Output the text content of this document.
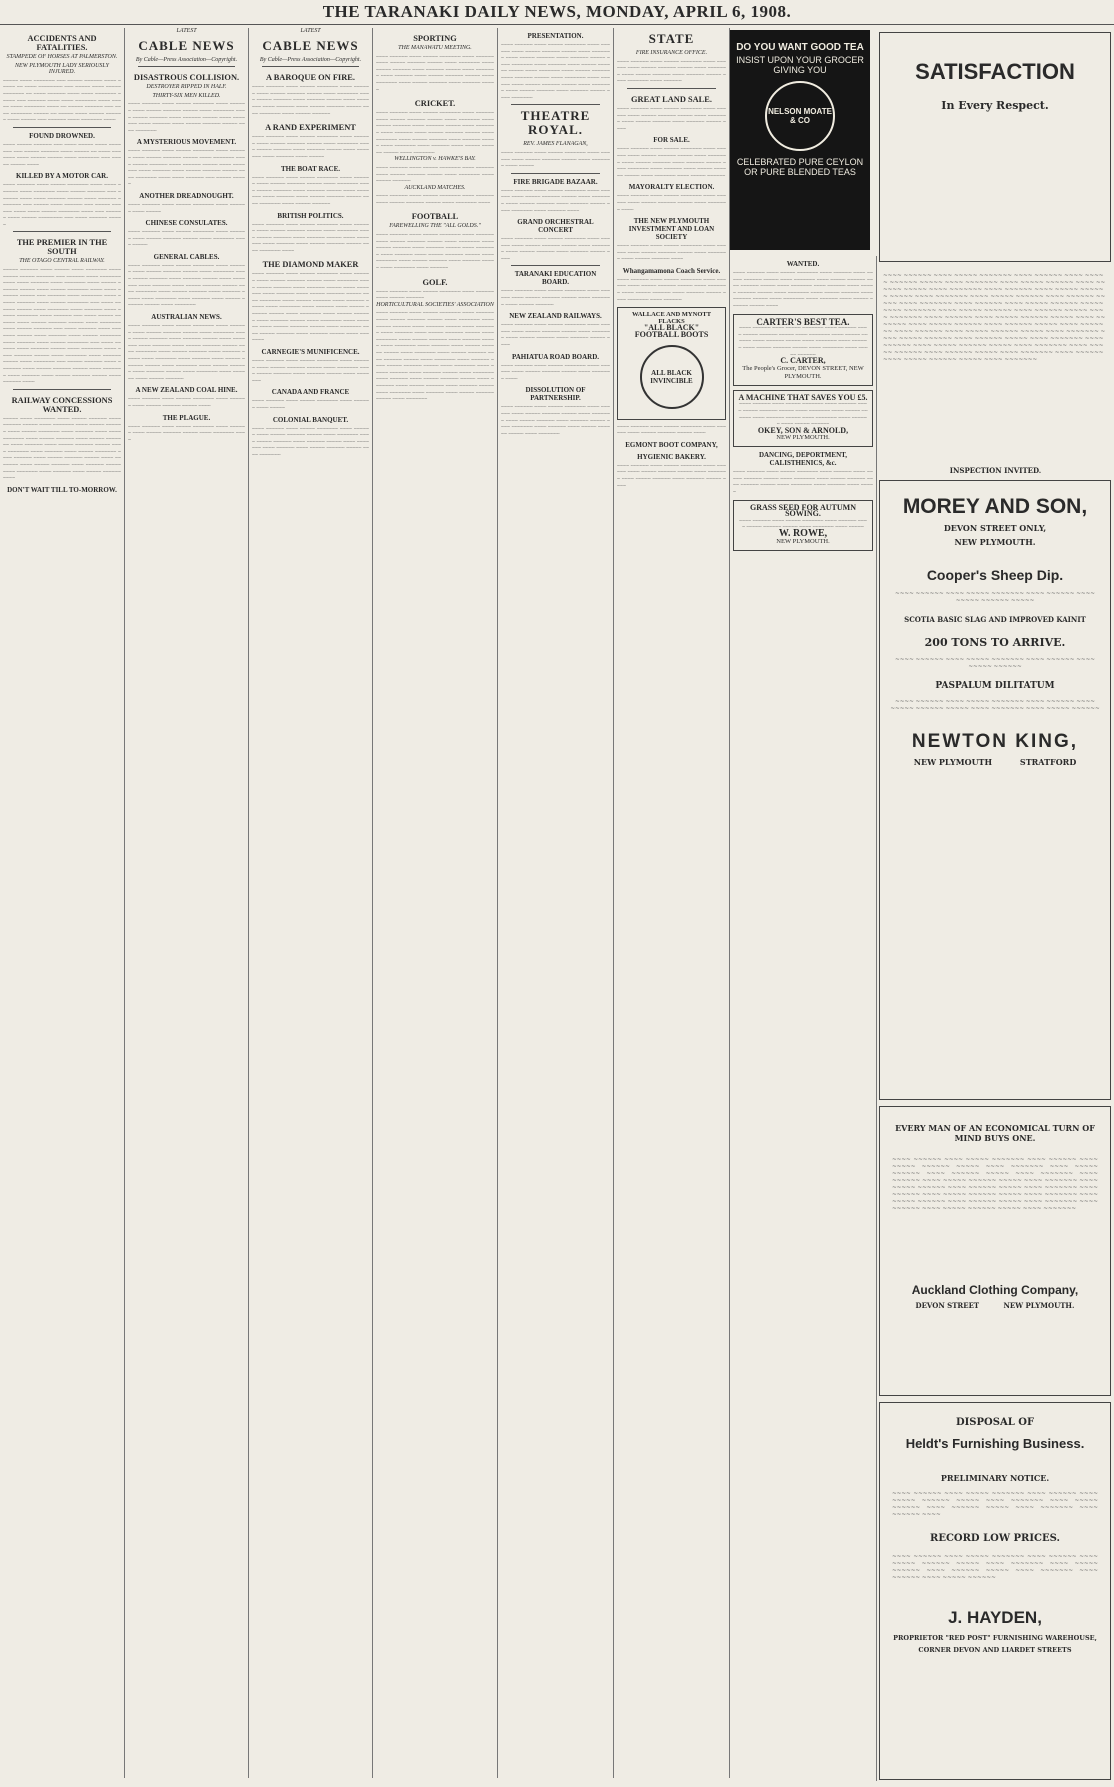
THE TARANAKI DAILY NEWS, MONDAY, APRIL 6, 1908.
ACCIDENTS AND FATALITIES.
STAMPEDE OF HORSES AT PALMERSTON.
NEW PLYMOUTH LADY SERIOUSLY INJURED.
~~~~~ ~~~~ ~~~~~~~ ~~~ ~~~~~ ~~~~~~ ~~~~ ~~~~~ ~~ ~~~~ ~~~~~~~~ ~~~ ~~~~~ ~~~~ ~~~~~ ~~~~~~~ ~~ ~~~~ ~~~~~~ ~~~~ ~~~~ ~~~~~~~ ~~~~~ ~~~ ~~~~~~ ~~~~ ~~~~ ~~~~~~~ ~~~~ ~~~~~ ~~~~ ~~~~~~~ ~~~~ ~~ ~~~~~ ~~~~~~ ~~~ ~~~~ ~~~~~~~ ~~~~~ ~~ ~~~~~ ~~~~ ~~~~~ ~~~~~~ ~~~~ ~~~~~ ~~~ ~~~~~~ ~~~~ ~~~~~~~ ~~~~
FOUND DROWNED.
~~~~ ~~~~~ ~~~~~~ ~~~ ~~~~ ~~~~~ ~~~~ ~~~~~~~ ~~~ ~~~~~ ~~~~~~ ~~~~ ~~~~~ ~~ ~~~~ ~~~~~~~ ~~~~ ~~~~~ ~~~~~ ~~~~ ~~~~~~~ ~~~ ~~~~~ ~~~~~ ~~~~
KILLED BY A MOTOR CAR.
~~~~ ~~~~~~ ~~~~ ~~~~~ ~~~~~~~ ~~~~ ~~~~ ~~~~~~ ~~~~ ~~~~~~~ ~~~~ ~~~~~ ~~~~~~ ~~~ ~~~~~~ ~~~~ ~~~~ ~~~~~~ ~~~~~ ~~~~ ~~~~~~ ~~~~~~~ ~~~ ~~~~~ ~~~~ ~~~~~~ ~~~ ~~~~~ ~~~~~~ ~~~~ ~~~~ ~~~~~ ~~~~~~~ ~~~~ ~~~ ~~~~~~ ~~~~ ~~~~~ ~~~~~~~~ ~~~ ~~~~ ~~~~~~ ~~~~~
THE PREMIER IN THE SOUTH
THE OTAGO CENTRAL RAILWAY.
~~~~~ ~~~~~~ ~~~~ ~~~~~ ~~~~ ~~~~~~~ ~~~~ ~~~~~ ~~~~~ ~~~~~~ ~~~ ~~~~~~ ~~~~ ~~~~~~~ ~~~~ ~~~~ ~~~~~~ ~~~~ ~~~~~~~ ~~~~ ~~~~~ ~~~~~~ ~~~~~ ~~~~ ~~~~~ ~~~~~~~ ~~~~ ~~~~ ~~~~~~ ~~~~~ ~~~ ~~~~~~ ~~~~ ~~~~~~~ ~~~~ ~~~~~ ~~~~~~ ~~~~ ~~~~~ ~~~~~~~ ~~~ ~~~~ ~~~~~~ ~~~~~ ~~~~ ~~~~~~~ ~~~~ ~~~~~~ ~~~~ ~~~~~ ~~~~~~~ ~~~~ ~~~~~~ ~~~ ~~~~ ~~~~~ ~~~~~~ ~~~~ ~~~~~ ~~~~~~ ~~~~~ ~~~~ ~~~~~~~ ~~~~ ~~~~~ ~~~~~~ ~~~ ~~~~ ~~~~~~ ~~~~ ~~~~~~~ ~~~~~ ~~~~ ~~~~~~ ~~~~ ~~~~~ ~~~~~~~ ~~~~ ~~~~~~ ~~~~ ~~~~~ ~~~~~~~ ~~~ ~~~~ ~~~~~~ ~~~~ ~~~~~~ ~~~~~ ~~~~ ~~~~~~~ ~~~~ ~~~~ ~~~~~~ ~~~~~ ~~~~ ~~~~~~~ ~~~~ ~~~~~~ ~~~~~ ~~~~ ~~~~~~~ ~~~ ~~~~~ ~~~~~~ ~~~~ ~~~~~~~ ~~~~ ~~~~~ ~~~~~~ ~~~~~ ~~~~ ~~~~~~~ ~~~~ ~~~~~~ ~~~~ ~~~~~ ~~~~~~ ~~~~~ ~~~~ ~~~~~~ ~~~~
RAILWAY CONCESSIONS WANTED.
~~~~~ ~~~~ ~~~~~~~ ~~~~ ~~~~~ ~~~~~~ ~~~~ ~~~~~~ ~~~~~ ~~~~ ~~~~~~~ ~~~~ ~~~~~ ~~~~~~ ~~~~ ~~~~~ ~~~~~~~ ~~~~ ~~~~~~ ~~~~ ~~~~ ~~~~~~~ ~~~~ ~~~~~ ~~~~~~ ~~~~ ~~~~~ ~~~~~~~ ~~~~ ~~~~~~ ~~~~ ~~~~~ ~~~~~~ ~~~~~ ~~~~ ~~~~~~~ ~~~~ ~~~~~~ ~~~~ ~~~~~ ~~~~~~~ ~~~~ ~~~~~~ ~~~~ ~~~~~ ~~~~~~ ~~~~~ ~~~~ ~~~~~~~ ~~~~ ~~~~~ ~~~~~~ ~~~~ ~~~~~~ ~~~~~ ~~~~ ~~~~~~~ ~~~~ ~~~~~~ ~~~~ ~~~~~ ~~~~~~ ~~~~
DON'T WAIT TILL TO-MORROW.
LATEST
CABLE NEWS
By Cable—Press Association—Copyright.
DISASTROUS COLLISION.
DESTROYER RIPPED IN HALF.
THIRTY-SIX MEN KILLED.
~~~~ ~~~~~~ ~~~~ ~~~~~ ~~~~~~~ ~~~~ ~~~~~~ ~~~~ ~~~~~ ~~~~~~ ~~~~~ ~~~~ ~~~~~~~ ~~~~ ~~~~~ ~~~~~~ ~~~~ ~~~~~~ ~~~~~ ~~~~ ~~~~~~~ ~~~~ ~~~~~~ ~~~~ ~~~~~ ~~~~~~ ~~~~~ ~~~~ ~~~~~~~
A MYSTERIOUS MOVEMENT.
~~~~ ~~~~~~ ~~~~ ~~~~~ ~~~~~~~ ~~~~ ~~~~~~ ~~~~ ~~~~~ ~~~~~~ ~~~~~ ~~~~ ~~~~~~~ ~~~~ ~~~~~ ~~~~~~ ~~~~ ~~~~~~ ~~~~~ ~~~~ ~~~~~~~ ~~~~ ~~~~~~ ~~~~ ~~~~~ ~~~~~~ ~~~~~ ~~~~ ~~~~~~~ ~~~~ ~~~~ ~~~~~~ ~~~ ~~~~~ ~~~~~
ANOTHER DREADNOUGHT.
~~~~ ~~~~~~ ~~~~ ~~~~~ ~~~~~~~ ~~~~ ~~~~~~ ~~~~ ~~~~~
CHINESE CONSULATES.
~~~~ ~~~~~~ ~~~~ ~~~~~ ~~~~~~~ ~~~~ ~~~~~~ ~~~~ ~~~~~ ~~~~~~ ~~~~~ ~~~~ ~~~~~~~ ~~~~ ~~~~~
GENERAL CABLES.
~~~~ ~~~~~~ ~~~~ ~~~~~ ~~~~~~~ ~~~~ ~~~~~~ ~~~~ ~~~~~ ~~~~~~ ~~~~~ ~~~~ ~~~~~~~ ~~~~ ~~~~~ ~~~~~~ ~~~~ ~~~~~~ ~~~~~ ~~~~ ~~~~~~~ ~~~~ ~~~~~~ ~~~~ ~~~~~ ~~~~~~ ~~~~~ ~~~~ ~~~~~~~ ~~~~ ~~~~~ ~~~~~~ ~~~~ ~~~~~~ ~~~~~ ~~~~ ~~~~~~~ ~~~~ ~~~~~~ ~~~~ ~~~~~ ~~~~~~ ~~~~~ ~~~~ ~~~~~~~
AUSTRALIAN NEWS.
~~~~ ~~~~~~ ~~~~ ~~~~~ ~~~~~~~ ~~~~ ~~~~~~ ~~~~ ~~~~~ ~~~~~~ ~~~~~ ~~~~ ~~~~~~~ ~~~~ ~~~~~ ~~~~~~ ~~~~ ~~~~~~ ~~~~~ ~~~~ ~~~~~~~ ~~~~ ~~~~~~ ~~~~ ~~~~~ ~~~~~~ ~~~~~ ~~~~ ~~~~~~~ ~~~~ ~~~~~ ~~~~~~ ~~~~ ~~~~~~ ~~~~~ ~~~~ ~~~~~~~ ~~~~ ~~~~~~ ~~~~ ~~~~~ ~~~~~~ ~~~~~ ~~~~ ~~~~~~~ ~~~~ ~~~~~ ~~~~~~ ~~~~ ~~~~~~ ~~~~~ ~~~~ ~~~~~~~ ~~~~ ~~~~~~ ~~~~ ~~~~~ ~~~~~~
A NEW ZEALAND COAL HINE.
~~~~ ~~~~~~ ~~~~ ~~~~~ ~~~~~~~ ~~~~ ~~~~~~ ~~~~ ~~~~~ ~~~~~~ ~~~~~ ~~~~
THE PLAGUE.
~~~~ ~~~~~~ ~~~~ ~~~~~ ~~~~~~~ ~~~~ ~~~~~~ ~~~~ ~~~~~ ~~~~~~ ~~~~~ ~~~~ ~~~~~~~ ~~~~
LATEST
CABLE NEWS
By Cable—Press Association—Copyright.
A BAROQUE ON FIRE.
~~~~ ~~~~~~ ~~~~ ~~~~~ ~~~~~~~ ~~~~ ~~~~~~ ~~~~ ~~~~~ ~~~~~~ ~~~~~ ~~~~ ~~~~~~~ ~~~~ ~~~~~ ~~~~~~ ~~~~ ~~~~~~ ~~~~~ ~~~~ ~~~~~~~ ~~~~ ~~~~~~ ~~~~ ~~~~~ ~~~~~~ ~~~~~ ~~~~ ~~~~~~~ ~~~~ ~~~~~ ~~~~~~
A RAND EXPERIMENT
~~~~ ~~~~~~ ~~~~ ~~~~~ ~~~~~~~ ~~~~ ~~~~~~ ~~~~ ~~~~~ ~~~~~~ ~~~~~ ~~~~ ~~~~~~~ ~~~~ ~~~~~ ~~~~~~ ~~~~ ~~~~~~ ~~~~~ ~~~~ ~~~~~~~ ~~~~ ~~~~~~ ~~~~ ~~~~~
THE BOAT RACE.
~~~~ ~~~~~~ ~~~~ ~~~~~ ~~~~~~~ ~~~~ ~~~~~~ ~~~~ ~~~~~ ~~~~~~ ~~~~~ ~~~~ ~~~~~~~ ~~~~ ~~~~~ ~~~~~~ ~~~~ ~~~~~~ ~~~~~ ~~~~ ~~~~~~~ ~~~~ ~~~~~~ ~~~~ ~~~~~ ~~~~~~ ~~~~~ ~~~~ ~~~~~~~ ~~~~ ~~~~~ ~~~~~~
BRITISH POLITICS.
~~~~ ~~~~~~ ~~~~ ~~~~~ ~~~~~~~ ~~~~ ~~~~~~ ~~~~ ~~~~~ ~~~~~~ ~~~~~ ~~~~ ~~~~~~~ ~~~~ ~~~~~ ~~~~~~ ~~~~ ~~~~~~ ~~~~~ ~~~~ ~~~~~~~ ~~~~ ~~~~~~ ~~~~ ~~~~~ ~~~~~~ ~~~~~ ~~~~ ~~~~~~~ ~~~~
THE DIAMOND MAKER
~~~~ ~~~~~~ ~~~~ ~~~~~ ~~~~~~~ ~~~~ ~~~~~~ ~~~~ ~~~~~ ~~~~~~ ~~~~~ ~~~~ ~~~~~~~ ~~~~ ~~~~~ ~~~~~~ ~~~~ ~~~~~~ ~~~~~ ~~~~ ~~~~~~~ ~~~~ ~~~~~~ ~~~~ ~~~~~ ~~~~~~ ~~~~~ ~~~~ ~~~~~~~ ~~~~ ~~~~~ ~~~~~~ ~~~~ ~~~~~~ ~~~~~ ~~~~ ~~~~~~~ ~~~~ ~~~~~~ ~~~~ ~~~~~ ~~~~~~ ~~~~~ ~~~~ ~~~~~~~ ~~~~ ~~~~~ ~~~~~~ ~~~~ ~~~~~~ ~~~~~ ~~~~ ~~~~~~~ ~~~~ ~~~~~~ ~~~~ ~~~~~ ~~~~~~ ~~~~~ ~~~~ ~~~~~~~ ~~~~ ~~~~~ ~~~~~~ ~~~~ ~~~~~~ ~~~~~ ~~~~ ~~~~~~~
CARNEGIE'S MUNIFICENCE.
~~~~ ~~~~~~ ~~~~ ~~~~~ ~~~~~~~ ~~~~ ~~~~~~ ~~~~ ~~~~~ ~~~~~~ ~~~~~ ~~~~ ~~~~~~~ ~~~~ ~~~~~ ~~~~~~ ~~~~ ~~~~~~ ~~~~~ ~~~~ ~~~~~~~
CANADA AND FRANCE
~~~~ ~~~~~~ ~~~~ ~~~~~ ~~~~~~~ ~~~~ ~~~~~~ ~~~~ ~~~~~
COLONIAL BANQUET.
~~~~ ~~~~~~ ~~~~ ~~~~~ ~~~~~~~ ~~~~ ~~~~~~ ~~~~ ~~~~~ ~~~~~~ ~~~~~ ~~~~ ~~~~~~~ ~~~~ ~~~~~ ~~~~~~ ~~~~ ~~~~~~ ~~~~~ ~~~~ ~~~~~~~ ~~~~ ~~~~~~ ~~~~ ~~~~~ ~~~~~~ ~~~~~ ~~~~ ~~~~~~~
SPORTING
THE MANAWATU MEETING.
~~~~ ~~~~~~ ~~~~ ~~~~~ ~~~~~~~ ~~~~ ~~~~~~ ~~~~ ~~~~~ ~~~~~~ ~~~~~ ~~~~ ~~~~~~~ ~~~~ ~~~~~ ~~~~~~ ~~~~ ~~~~~~ ~~~~~ ~~~~ ~~~~~~~ ~~~~ ~~~~~~ ~~~~ ~~~~~ ~~~~~~ ~~~~~ ~~~~ ~~~~~~~ ~~~~ ~~~~~ ~~~~~~ ~~~~ ~~~~~~ ~~~~~
CRICKET.
~~~~ ~~~~~~ ~~~~ ~~~~~ ~~~~~~~ ~~~~ ~~~~~~ ~~~~ ~~~~~ ~~~~~~ ~~~~~ ~~~~ ~~~~~~~ ~~~~ ~~~~~ ~~~~~~ ~~~~ ~~~~~~ ~~~~~ ~~~~ ~~~~~~~ ~~~~ ~~~~~~ ~~~~ ~~~~~ ~~~~~~ ~~~~~ ~~~~ ~~~~~~~ ~~~~ ~~~~~ ~~~~~~ ~~~~ ~~~~~~ ~~~~~ ~~~~ ~~~~~~~ ~~~~ ~~~~~~ ~~~~ ~~~~~ ~~~~~~ ~~~~~ ~~~~ ~~~~~~~
WELLINGTON v. HAWKE'S BAY.
~~~~ ~~~~~~ ~~~~ ~~~~~ ~~~~~~~ ~~~~ ~~~~~~ ~~~~ ~~~~~ ~~~~~~ ~~~~~ ~~~~ ~~~~~~~ ~~~~ ~~~~~ ~~~~~~
AUCKLAND MATCHES.
~~~~ ~~~~~~ ~~~~ ~~~~~ ~~~~~~~ ~~~~ ~~~~~~ ~~~~ ~~~~~ ~~~~~~ ~~~~~ ~~~~ ~~~~~~~ ~~~~
FOOTBALL
FAREWELLING THE "ALL GOLDS."
~~~~ ~~~~~~ ~~~~ ~~~~~ ~~~~~~~ ~~~~ ~~~~~~ ~~~~ ~~~~~ ~~~~~~ ~~~~~ ~~~~ ~~~~~~~ ~~~~ ~~~~~ ~~~~~~ ~~~~ ~~~~~~ ~~~~~ ~~~~ ~~~~~~~ ~~~~ ~~~~~~ ~~~~ ~~~~~ ~~~~~~ ~~~~~ ~~~~ ~~~~~~~ ~~~~ ~~~~~ ~~~~~~ ~~~~ ~~~~~~ ~~~~~ ~~~~ ~~~~~~~ ~~~~ ~~~~~~
GOLF.
~~~~ ~~~~~~ ~~~~ ~~~~~ ~~~~~~~ ~~~~ ~~~~~~ ~~~~ ~~~~~ ~~~~~~
HORTICULTURAL SOCIETIES' ASSOCIATION
~~~~ ~~~~~~ ~~~~ ~~~~~ ~~~~~~~ ~~~~ ~~~~~~ ~~~~ ~~~~~ ~~~~~~ ~~~~~ ~~~~ ~~~~~~~ ~~~~ ~~~~~ ~~~~~~ ~~~~ ~~~~~~ ~~~~~ ~~~~ ~~~~~~~ ~~~~ ~~~~~~ ~~~~ ~~~~~ ~~~~~~ ~~~~~ ~~~~ ~~~~~~~ ~~~~ ~~~~~ ~~~~~~ ~~~~ ~~~~~~ ~~~~~ ~~~~ ~~~~~~~ ~~~~ ~~~~~~ ~~~~ ~~~~~ ~~~~~~ ~~~~~ ~~~~ ~~~~~~~ ~~~~ ~~~~~ ~~~~~~ ~~~~ ~~~~~~ ~~~~~ ~~~~ ~~~~~~~ ~~~~ ~~~~~~ ~~~~ ~~~~~ ~~~~~~ ~~~~~ ~~~~ ~~~~~~~ ~~~~ ~~~~~ ~~~~~~ ~~~~ ~~~~~~ ~~~~~ ~~~~ ~~~~~~~ ~~~~ ~~~~~~ ~~~~ ~~~~~ ~~~~~~ ~~~~~ ~~~~ ~~~~~~~ ~~~~ ~~~~~ ~~~~~~ ~~~~ ~~~~~~ ~~~~~ ~~~~ ~~~~~~~ ~~~~ ~~~~~~ ~~~~ ~~~~~ ~~~~~~ ~~~~~ ~~~~ ~~~~~~~
PRESENTATION.
~~~~ ~~~~~~ ~~~~ ~~~~~ ~~~~~~~ ~~~~ ~~~~~~ ~~~~ ~~~~~ ~~~~~~ ~~~~~ ~~~~ ~~~~~~~ ~~~~ ~~~~~ ~~~~~~ ~~~~ ~~~~~~ ~~~~~ ~~~~ ~~~~~~~ ~~~~ ~~~~~~ ~~~~ ~~~~~ ~~~~~~ ~~~~~ ~~~~ ~~~~~~~ ~~~~ ~~~~~ ~~~~~~ ~~~~ ~~~~~~ ~~~~~ ~~~~ ~~~~~~~ ~~~~ ~~~~~~ ~~~~ ~~~~~ ~~~~~~ ~~~~~ ~~~~ ~~~~~~~ ~~~~ ~~~~~ ~~~~~~ ~~~~ ~~~~~~ ~~~~~ ~~~~ ~~~~~~~
THEATRE ROYAL.
REV. JAMES FLANAGAN,
~~~~ ~~~~~~ ~~~~ ~~~~~ ~~~~~~~ ~~~~ ~~~~~~ ~~~~ ~~~~~ ~~~~~~ ~~~~~ ~~~~ ~~~~~~~ ~~~~ ~~~~~
FIRE BRIGADE BAZAAR.
~~~~ ~~~~~~ ~~~~ ~~~~~ ~~~~~~~ ~~~~ ~~~~~~ ~~~~ ~~~~~ ~~~~~~ ~~~~~ ~~~~ ~~~~~~~ ~~~~ ~~~~~ ~~~~~~ ~~~~ ~~~~~~ ~~~~~ ~~~~ ~~~~~~~ ~~~~ ~~~~~~ ~~~~
GRAND ORCHESTRAL CONCERT
~~~~ ~~~~~~ ~~~~ ~~~~~ ~~~~~~~ ~~~~ ~~~~~~ ~~~~ ~~~~~ ~~~~~~ ~~~~~ ~~~~ ~~~~~~~ ~~~~ ~~~~~ ~~~~~~ ~~~~ ~~~~~~ ~~~~~ ~~~~
TARANAKI EDUCATION BOARD.
~~~~ ~~~~~~ ~~~~ ~~~~~ ~~~~~~~ ~~~~ ~~~~~~ ~~~~ ~~~~~ ~~~~~~ ~~~~~ ~~~~ ~~~~~~~ ~~~~ ~~~~~ ~~~~~~
NEW ZEALAND RAILWAYS.
~~~~ ~~~~~~ ~~~~ ~~~~~ ~~~~~~~ ~~~~ ~~~~~~ ~~~~ ~~~~~ ~~~~~~ ~~~~~ ~~~~ ~~~~~~~ ~~~~ ~~~~~ ~~~~~~ ~~~~ ~~~~~~ ~~~~~ ~~~~
PAHIATUA ROAD BOARD.
~~~~ ~~~~~~ ~~~~ ~~~~~ ~~~~~~~ ~~~~ ~~~~~~ ~~~~ ~~~~~ ~~~~~~ ~~~~~ ~~~~ ~~~~~~~ ~~~~
DISSOLUTION OF PARTNERSHIP.
~~~~ ~~~~~~ ~~~~ ~~~~~ ~~~~~~~ ~~~~ ~~~~~~ ~~~~ ~~~~~ ~~~~~~ ~~~~~ ~~~~ ~~~~~~~ ~~~~ ~~~~~ ~~~~~~ ~~~~ ~~~~~~ ~~~~~ ~~~~ ~~~~~~~ ~~~~ ~~~~~~ ~~~~ ~~~~~ ~~~~~~ ~~~~~ ~~~~ ~~~~~~~
STATE
FIRE INSURANCE OFFICE.
~~~~ ~~~~~~ ~~~~ ~~~~~ ~~~~~~~ ~~~~ ~~~~~~ ~~~~ ~~~~~ ~~~~~~ ~~~~~ ~~~~ ~~~~~~~ ~~~~ ~~~~~ ~~~~~~ ~~~~ ~~~~~~ ~~~~~ ~~~~ ~~~~~~~ ~~~~ ~~~~~~
GREAT LAND SALE.
~~~~ ~~~~~~ ~~~~ ~~~~~ ~~~~~~~ ~~~~ ~~~~~~ ~~~~ ~~~~~ ~~~~~~ ~~~~~ ~~~~ ~~~~~~~ ~~~~ ~~~~~ ~~~~~~ ~~~~ ~~~~~~ ~~~~~ ~~~~
FOR SALE.
~~~~ ~~~~~~ ~~~~ ~~~~~ ~~~~~~~ ~~~~ ~~~~~~ ~~~~ ~~~~~ ~~~~~~ ~~~~~ ~~~~ ~~~~~~~ ~~~~ ~~~~~ ~~~~~~ ~~~~ ~~~~~~ ~~~~~ ~~~~ ~~~~~~~ ~~~~ ~~~~~~ ~~~~ ~~~~~ ~~~~~~ ~~~~~ ~~~~ ~~~~~~~ ~~~~ ~~~~~ ~~~~~~
MAYORALTY ELECTION.
~~~~ ~~~~~~ ~~~~ ~~~~~ ~~~~~~~ ~~~~ ~~~~~~ ~~~~ ~~~~~ ~~~~~~ ~~~~~ ~~~~ ~~~~~~~ ~~~~
THE NEW PLYMOUTH INVESTMENT AND LOAN SOCIETY
~~~~ ~~~~~~ ~~~~ ~~~~~ ~~~~~~~ ~~~~ ~~~~~~ ~~~~ ~~~~~ ~~~~~~ ~~~~~ ~~~~ ~~~~~~~ ~~~~ ~~~~~ ~~~~~~ ~~~~
Whangamamona Coach Service.
~~~~ ~~~~~~ ~~~~ ~~~~~ ~~~~~~~ ~~~~ ~~~~~~ ~~~~ ~~~~~ ~~~~~~ ~~~~~ ~~~~ ~~~~~~~ ~~~~ ~~~~~ ~~~~~~ ~~~~ ~~~~~~ ~~~~~ ~~~~ ~~~~~~~ ~~~~ ~~~~~~
WALLACE AND MYNOTT FLACKS
"ALL BLACK" FOOTBALL BOOTS
ALL BLACK INVINCIBLE
~~~~ ~~~~~~ ~~~~ ~~~~~ ~~~~~~~ ~~~~ ~~~~~~ ~~~~ ~~~~~ ~~~~~~ ~~~~~ ~~~~
EGMONT BOOT COMPANY,
HYGIENIC BAKERY.
~~~~ ~~~~~~ ~~~~ ~~~~~ ~~~~~~~ ~~~~ ~~~~~~ ~~~~ ~~~~~ ~~~~~~ ~~~~~ ~~~~ ~~~~~~~ ~~~~ ~~~~~ ~~~~~~ ~~~~ ~~~~~~ ~~~~~ ~~~~
DO YOU WANT GOOD TEA
INSIST UPON YOUR GROCER GIVING YOU
NELSON MOATE & CO
CELEBRATED PURE CEYLON OR PURE BLENDED TEAS
WANTED.
~~~~ ~~~~~~ ~~~~ ~~~~~ ~~~~~~~ ~~~~ ~~~~~~ ~~~~ ~~~~~ ~~~~~~ ~~~~~ ~~~~ ~~~~~~~ ~~~~ ~~~~~ ~~~~~~ ~~~~ ~~~~~~ ~~~~~ ~~~~ ~~~~~~~ ~~~~ ~~~~~~ ~~~~ ~~~~~ ~~~~~~ ~~~~~ ~~~~ ~~~~~~~ ~~~~ ~~~~~ ~~~~~~ ~~~~ ~~~~~~ ~~~~~ ~~~~ ~~~~~~~ ~~~~ ~~~~~~ ~~~~ ~~~~~ ~~~~~~ ~~~~~ ~~~~
CARTER'S BEST TEA.
~~~~ ~~~~~~ ~~~~ ~~~~~ ~~~~~~~ ~~~~ ~~~~~~ ~~~~ ~~~~~ ~~~~~~ ~~~~~ ~~~~ ~~~~~~~ ~~~~ ~~~~~ ~~~~~~ ~~~~ ~~~~~~ ~~~~~ ~~~~ ~~~~~~~ ~~~~ ~~~~~~ ~~~~ ~~~~~ ~~~~~~ ~~~~~ ~~~~ ~~~~~~~ ~~~~ ~~~~~ ~~~~~~
C. CARTER,
The People's Grocer, DEVON STREET, NEW PLYMOUTH.
A MACHINE THAT SAVES YOU £5.
~~~~ ~~~~~~ ~~~~ ~~~~~ ~~~~~~~ ~~~~ ~~~~~~ ~~~~ ~~~~~ ~~~~~~ ~~~~~ ~~~~ ~~~~~~~ ~~~~ ~~~~~ ~~~~~~ ~~~~ ~~~~~~ ~~~~~ ~~~~ ~~~~~~~ ~~~~ ~~~~~~ ~~~~ ~~~~~ ~~~~~~
OKEY, SON & ARNOLD,
NEW PLYMOUTH.
DANCING, DEPORTMENT, CALISTHENICS, &c.
~~~~ ~~~~~~ ~~~~ ~~~~~ ~~~~~~~ ~~~~ ~~~~~~ ~~~~ ~~~~~ ~~~~~~ ~~~~~ ~~~~ ~~~~~~~ ~~~~ ~~~~~ ~~~~~~ ~~~~ ~~~~~~ ~~~~~ ~~~~ ~~~~~~~ ~~~~ ~~~~~~ ~~~~ ~~~~~
GRASS SEED FOR AUTUMN SOWING.
~~~~ ~~~~~~ ~~~~ ~~~~~ ~~~~~~~ ~~~~ ~~~~~~ ~~~~ ~~~~~ ~~~~~~ ~~~~~ ~~~~ ~~~~~~~ ~~~~ ~~~~~
W. ROWE,
NEW PLYMOUTH.
SATISFACTION
In Every Respect.
~~~~ ~~~~~~ ~~~~ ~~~~~ ~~~~~~~ ~~~~ ~~~~~~ ~~~~ ~~~~~ ~~~~~~ ~~~~~ ~~~~ ~~~~~~~ ~~~~ ~~~~~ ~~~~~~ ~~~~ ~~~~~~ ~~~~~ ~~~~ ~~~~~~~ ~~~~ ~~~~~~ ~~~~ ~~~~~ ~~~~~~ ~~~~~ ~~~~ ~~~~~~~ ~~~~ ~~~~~ ~~~~~~ ~~~~ ~~~~~~ ~~~~~ ~~~~ ~~~~~~~ ~~~~ ~~~~~~ ~~~~ ~~~~~ ~~~~~~ ~~~~~ ~~~~ ~~~~~~~ ~~~~ ~~~~~ ~~~~~~ ~~~~ ~~~~~~ ~~~~~ ~~~~ ~~~~~~~ ~~~~ ~~~~~~ ~~~~ ~~~~~ ~~~~~~ ~~~~~ ~~~~ ~~~~~~~ ~~~~ ~~~~~ ~~~~~~ ~~~~ ~~~~~~ ~~~~~ ~~~~ ~~~~~~~ ~~~~ ~~~~~~ ~~~~ ~~~~~ ~~~~~~ ~~~~~ ~~~~ ~~~~~~~ ~~~~ ~~~~~ ~~~~~~ ~~~~ ~~~~~~ ~~~~~ ~~~~ ~~~~~~~ ~~~~ ~~~~~~ ~~~~ ~~~~~ ~~~~~~ ~~~~~ ~~~~ ~~~~~~~ ~~~~ ~~~~~ ~~~~~~ ~~~~ ~~~~~~ ~~~~~ ~~~~ ~~~~~~~ ~~~~ ~~~~~~ ~~~~ ~~~~~ ~~~~~~ ~~~~~ ~~~~ ~~~~~~~
INSPECTION INVITED.
MOREY AND SON,
DEVON STREET ONLY,
NEW PLYMOUTH.
Cooper's Sheep Dip.
~~~~ ~~~~~~ ~~~~ ~~~~~ ~~~~~~~ ~~~~ ~~~~~~ ~~~~ ~~~~~ ~~~~~~ ~~~~~
SCOTIA BASIC SLAG AND IMPROVED KAINIT
200 TONS TO ARRIVE.
~~~~ ~~~~~~ ~~~~ ~~~~~ ~~~~~~~ ~~~~ ~~~~~~ ~~~~ ~~~~~ ~~~~~~
PASPALUM DILITATUM
~~~~ ~~~~~~ ~~~~ ~~~~~ ~~~~~~~ ~~~~ ~~~~~~ ~~~~ ~~~~~ ~~~~~~ ~~~~~ ~~~~ ~~~~~~~ ~~~~ ~~~~~ ~~~~~~
NEWTON KING,
NEW PLYMOUTH          STRATFORD
EVERY MAN OF AN ECONOMICAL TURN OF MIND BUYS ONE.
~~~~ ~~~~~~ ~~~~ ~~~~~ ~~~~~~~ ~~~~ ~~~~~~ ~~~~ ~~~~~ ~~~~~~ ~~~~~ ~~~~ ~~~~~~~ ~~~~ ~~~~~ ~~~~~~ ~~~~ ~~~~~~ ~~~~~ ~~~~ ~~~~~~~ ~~~~ ~~~~~~ ~~~~ ~~~~~ ~~~~~~ ~~~~~ ~~~~ ~~~~~~~ ~~~~ ~~~~~ ~~~~~~ ~~~~ ~~~~~~ ~~~~~ ~~~~ ~~~~~~~ ~~~~ ~~~~~~ ~~~~ ~~~~~ ~~~~~~ ~~~~~ ~~~~ ~~~~~~~ ~~~~ ~~~~~ ~~~~~~ ~~~~ ~~~~~~ ~~~~~ ~~~~ ~~~~~~~ ~~~~ ~~~~~~ ~~~~ ~~~~~ ~~~~~~ ~~~~~ ~~~~ ~~~~~~~
Auckland Clothing Company,
DEVON STREET          NEW PLYMOUTH.
DISPOSAL OF
Heldt's Furnishing Business.
PRELIMINARY NOTICE.
~~~~ ~~~~~~ ~~~~ ~~~~~ ~~~~~~~ ~~~~ ~~~~~~ ~~~~ ~~~~~ ~~~~~~ ~~~~~ ~~~~ ~~~~~~~ ~~~~ ~~~~~ ~~~~~~ ~~~~ ~~~~~~ ~~~~~ ~~~~ ~~~~~~~ ~~~~ ~~~~~~ ~~~~
RECORD LOW PRICES.
~~~~ ~~~~~~ ~~~~ ~~~~~ ~~~~~~~ ~~~~ ~~~~~~ ~~~~ ~~~~~ ~~~~~~ ~~~~~ ~~~~ ~~~~~~~ ~~~~ ~~~~~ ~~~~~~ ~~~~ ~~~~~~ ~~~~~ ~~~~ ~~~~~~~ ~~~~ ~~~~~~ ~~~~ ~~~~~ ~~~~~~
J. HAYDEN,
PROPRIETOR "RED POST" FURNISHING WAREHOUSE,
CORNER DEVON AND LIARDET STREETS
